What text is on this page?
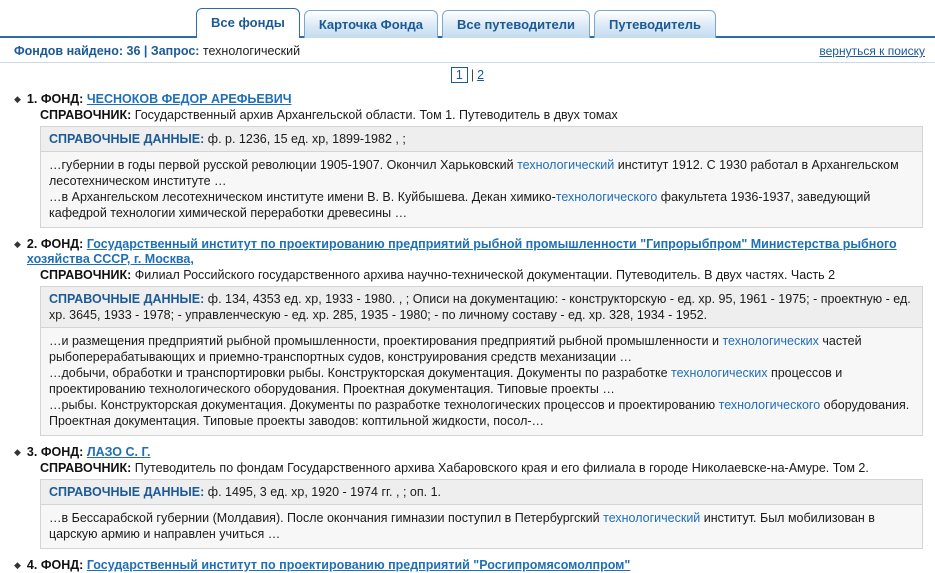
Все фонды	Карточка Фонда	Все путеводители	Путеводитель
Фондов найдено: 36 | Запрос: технологический	вернуться к поиску
1 | 2
◆ 1. ФОНД: ЧЕСНОКОВ ФЕДОР АРЕФЬЕВИЧ
СПРАВОЧНИК: Государственный архив Архангельской области. Том 1. Путеводитель в двух томах
СПРАВОЧНЫЕ ДАННЫЕ: ф. р. 1236, 15 ед. хр, 1899-1982 , ;

…губернии в годы первой русской революции 1905-1907. Окончил Харьковский технологический институт 1912. С 1930 работал в Архангельском лесотехническом институте …

…в Архангельском лесотехническом институте имени В. В. Куйбышева. Декан химико-технологического факультета 1936-1937, заведующий кафедрой технологии химической переработки древесины …

◆ 2. ФОНД: Государственный институт по проектированию предприятий рыбной промышленности "Гипрорыбпром" Министерства рыбного хозяйства СССР, г. Москва,
СПРАВОЧНИК: Филиал Российского государственного архива научно-технической документации. Путеводитель. В двух частях. Часть 2
СПРАВОЧНЫЕ ДАННЫЕ: ф. 134, 4353 ед. хр, 1933 - 1980. , ; Описи на документацию: - конструкторскую - ед. хр. 95, 1961 - 1975; - проектную - ед. хр. 3645, 1933 - 1978; - управленческую - ед. хр. 285, 1935 - 1980; - по личному составу - ед. хр. 328, 1934 - 1952.

…и размещения предприятий рыбной промышленности, проектирования предприятий рыбной промышленности и технологических частей рыбоперерабатывающих и приемно-транспортных судов, конструирования средств механизации …

…добычи, обработки и транспортировки рыбы. Конструкторская документация. Документы по разработке технологических процессов и проектированию технологического оборудования. Проектная документация. Типовые проекты …

…рыбы. Конструкторская документация. Документы по разработке технологических процессов и проектированию технологического оборудования. Проектная документация. Типовые проекты заводов: коптильной жидкости, посол-…

◆ 3. ФОНД: ЛАЗО С. Г.
СПРАВОЧНИК: Путеводитель по фондам Государственного архива Хабаровского края и его филиала в городе Николаевске-на-Амуре. Том 2.
СПРАВОЧНЫЕ ДАННЫЕ: ф. 1495, 3 ед. хр, 1920 - 1974 гг. , ; оп. 1.

…в Бессарабской губернии (Молдавия). После окончания гимназии поступил в Петербургский технологический институт. Был мобилизован в царскую армию и направлен учиться …

◆ 4. ФОНД: Государственный институт по проектированию предприятий "Росгипромясомолпром"
